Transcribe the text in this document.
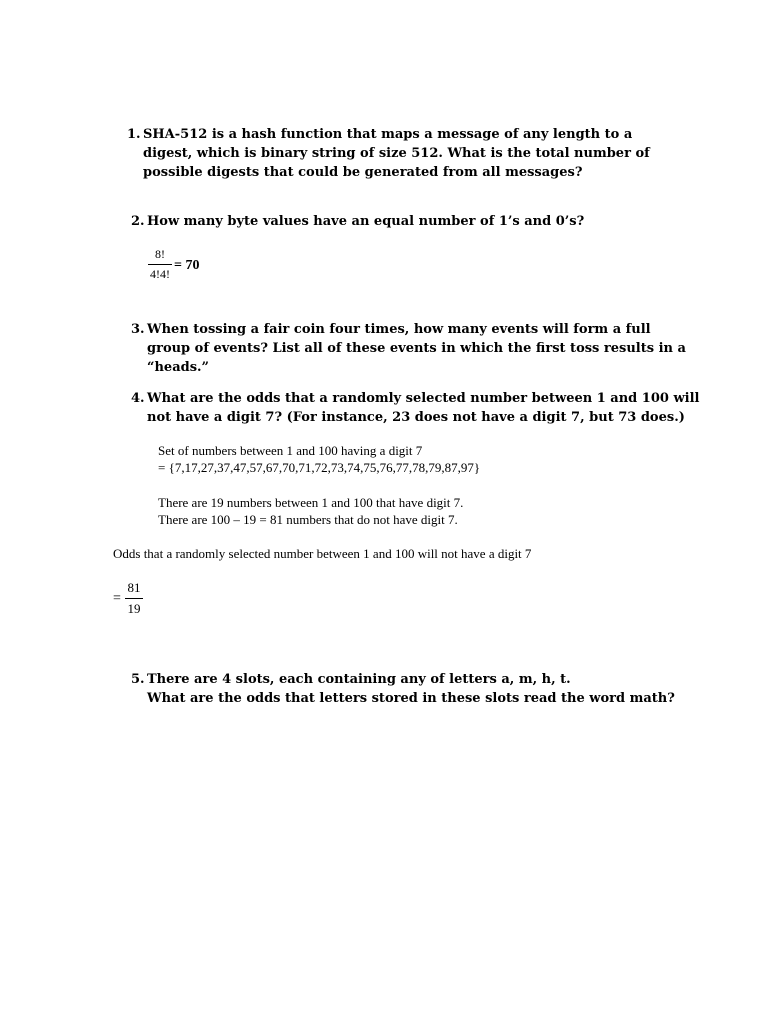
1. SHA-512 is a hash function that maps a message of any length to a
digest, which is binary string of size 512. What is the total number of
possible digests that could be generated from all messages?
2. How many byte values have an equal number of 1’s and 0’s?
8!
4!4!
= 70
3. When tossing a fair coin four times, how many events will form a full
group of events? List all of these events in which the first toss results in a
“heads.”
4. What are the odds that a randomly selected number between 1 and 100 will
not have a digit 7? (For instance, 23 does not have a digit 7, but 73 does.)
Set of numbers between 1 and 100 having a digit 7
= {7,17,27,37,47,57,67,70,71,72,73,74,75,76,77,78,79,87,97}
There are 19 numbers between 1 and 100 that have digit 7.
There are 100 – 19 = 81 numbers that do not have digit 7.
Odds that a randomly selected number between 1 and 100 will not have a digit 7
=
81
19
5. There are 4 slots, each containing any of letters a, m, h, t.
What are the odds that letters stored in these slots read the word math?
